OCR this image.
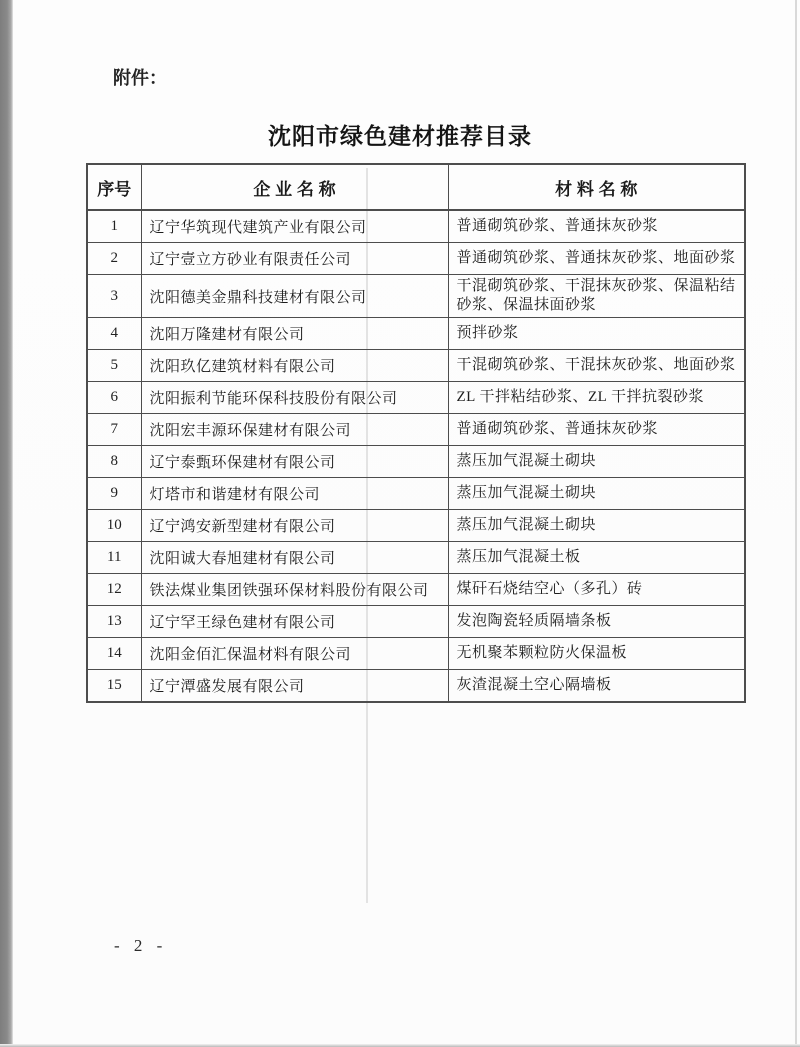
附件：
沈阳市绿色建材推荐目录
序号	企 业 名 称	材 料 名 称
1	辽宁华筑现代建筑产业有限公司	普通砌筑砂浆、普通抹灰砂浆
2	辽宁壹立方砂业有限责任公司	普通砌筑砂浆、普通抹灰砂浆、地面砂浆
3	沈阳德美金鼎科技建材有限公司	干混砌筑砂浆、干混抹灰砂浆、保温粘结砂浆、保温抹面砂浆
4	沈阳万隆建材有限公司	预拌砂浆
5	沈阳玖亿建筑材料有限公司	干混砌筑砂浆、干混抹灰砂浆、地面砂浆
6	沈阳振利节能环保科技股份有限公司	ZL 干拌粘结砂浆、ZL 干拌抗裂砂浆
7	沈阳宏丰源环保建材有限公司	普通砌筑砂浆、普通抹灰砂浆
8	辽宁泰甄环保建材有限公司	蒸压加气混凝土砌块
9	灯塔市和谐建材有限公司	蒸压加气混凝土砌块
10	辽宁鸿安新型建材有限公司	蒸压加气混凝土砌块
11	沈阳诚大春旭建材有限公司	蒸压加气混凝土板
12	铁法煤业集团铁强环保材料股份有限公司	煤矸石烧结空心（多孔）砖
13	辽宁罕王绿色建材有限公司	发泡陶瓷轻质隔墙条板
14	沈阳金佰汇保温材料有限公司	无机聚苯颗粒防火保温板
15	辽宁潭盛发展有限公司	灰渣混凝土空心隔墙板
- 2 -
